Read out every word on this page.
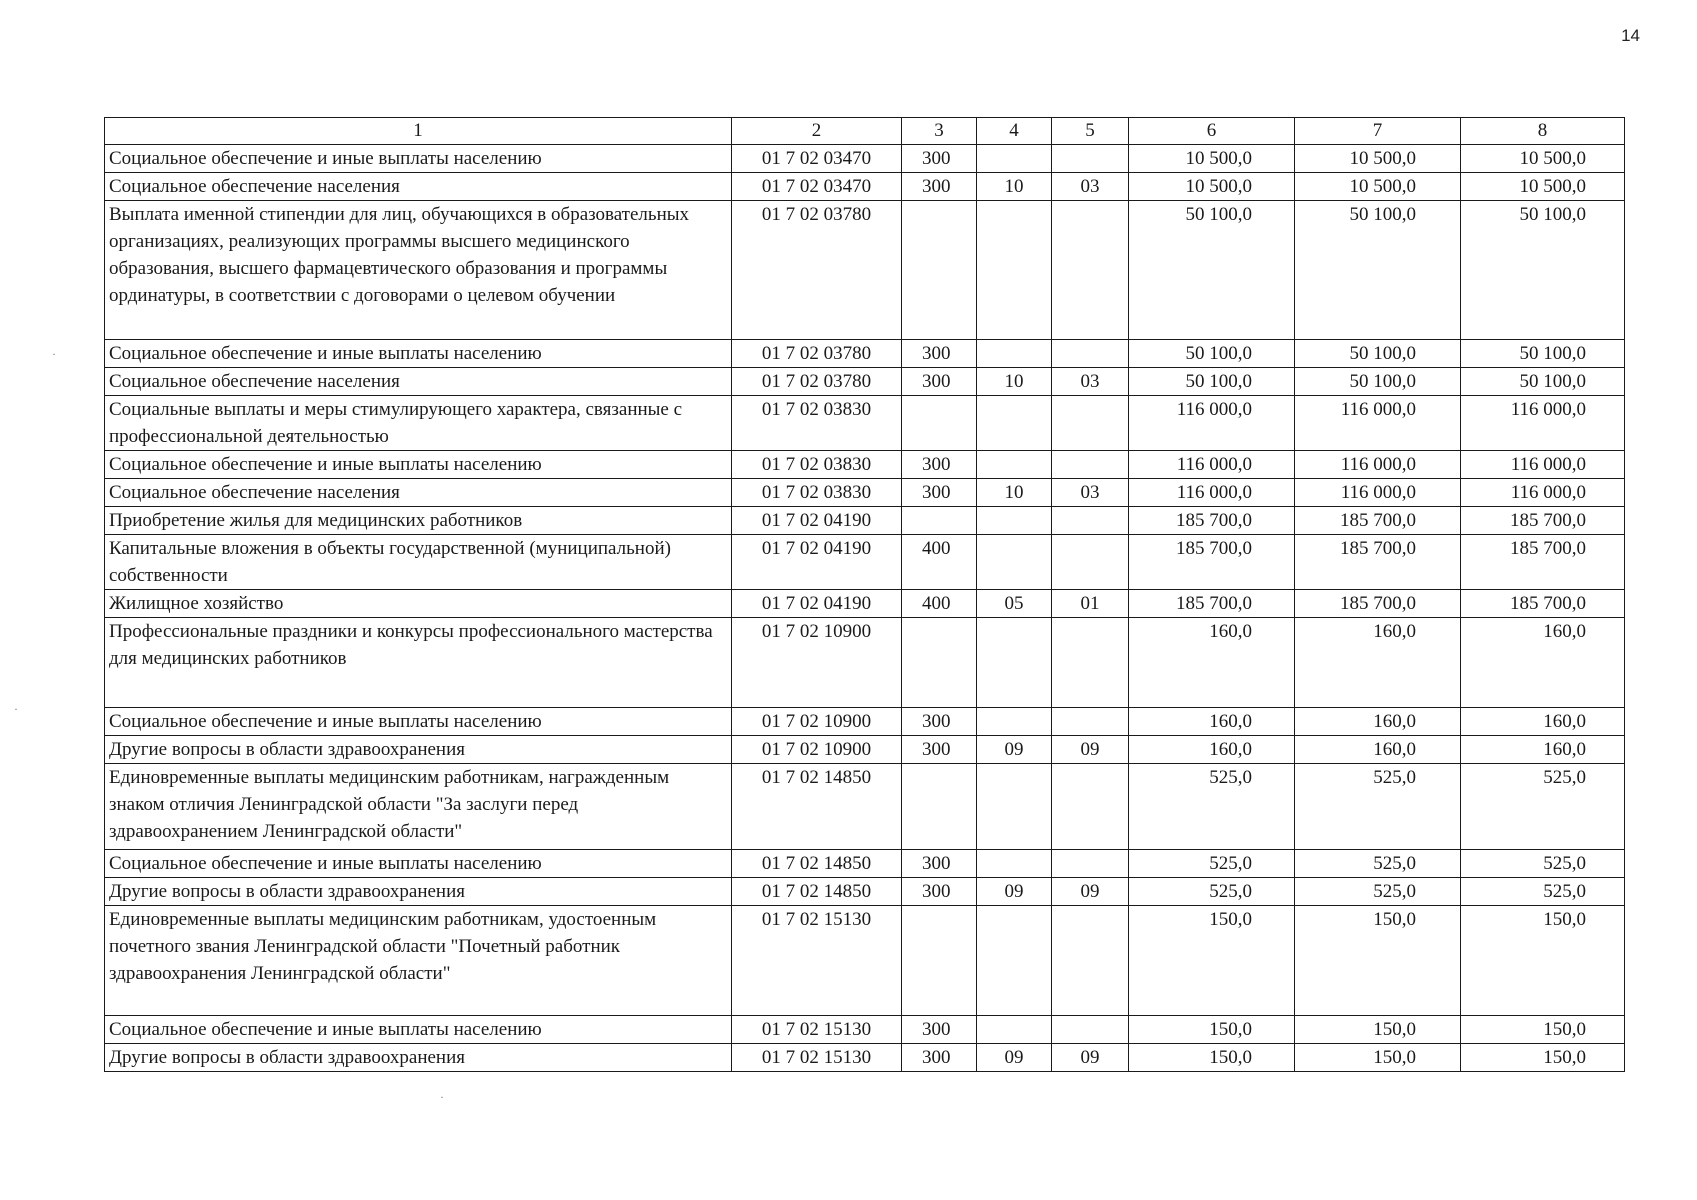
14
1	2	3	4	5	6	7	8
Социальное обеспечение и иные выплаты населению	01 7 02 03470	300			10 500,0	10 500,0	10 500,0
Социальное обеспечение населения	01 7 02 03470	300	10	03	10 500,0	10 500,0	10 500,0
Выплата именной стипендии для лиц, обучающихся в образовательных организациях, реализующих программы высшего медицинского образования, высшего фармацевтического образования и программы ординатуры, в соответствии с договорами о целевом обучении	01 7 02 03780				50 100,0	50 100,0	50 100,0
Социальное обеспечение и иные выплаты населению	01 7 02 03780	300			50 100,0	50 100,0	50 100,0
Социальное обеспечение населения	01 7 02 03780	300	10	03	50 100,0	50 100,0	50 100,0
Социальные выплаты и меры стимулирующего характера, связанные с профессиональной деятельностью	01 7 02 03830				116 000,0	116 000,0	116 000,0
Социальное обеспечение и иные выплаты населению	01 7 02 03830	300			116 000,0	116 000,0	116 000,0
Социальное обеспечение населения	01 7 02 03830	300	10	03	116 000,0	116 000,0	116 000,0
Приобретение жилья для медицинских работников	01 7 02 04190				185 700,0	185 700,0	185 700,0
Капитальные вложения в объекты государственной (муниципальной) собственности	01 7 02 04190	400			185 700,0	185 700,0	185 700,0
Жилищное хозяйство	01 7 02 04190	400	05	01	185 700,0	185 700,0	185 700,0
Профессиональные праздники и конкурсы профессионального мастерства для медицинских работников	01 7 02 10900				160,0	160,0	160,0
Социальное обеспечение и иные выплаты населению	01 7 02 10900	300			160,0	160,0	160,0
Другие вопросы в области здравоохранения	01 7 02 10900	300	09	09	160,0	160,0	160,0
Единовременные выплаты медицинским работникам, награжденным знаком отличия Ленинградской области "За заслуги перед здравоохранением Ленинградской области"	01 7 02 14850				525,0	525,0	525,0
Социальное обеспечение и иные выплаты населению	01 7 02 14850	300			525,0	525,0	525,0
Другие вопросы в области здравоохранения	01 7 02 14850	300	09	09	525,0	525,0	525,0
Единовременные выплаты медицинским работникам, удостоенным почетного звания Ленинградской области "Почетный работник здравоохранения Ленинградской области"	01 7 02 15130				150,0	150,0	150,0
Социальное обеспечение и иные выплаты населению	01 7 02 15130	300			150,0	150,0	150,0
Другие вопросы в области здравоохранения	01 7 02 15130	300	09	09	150,0	150,0	150,0
·
·
·
